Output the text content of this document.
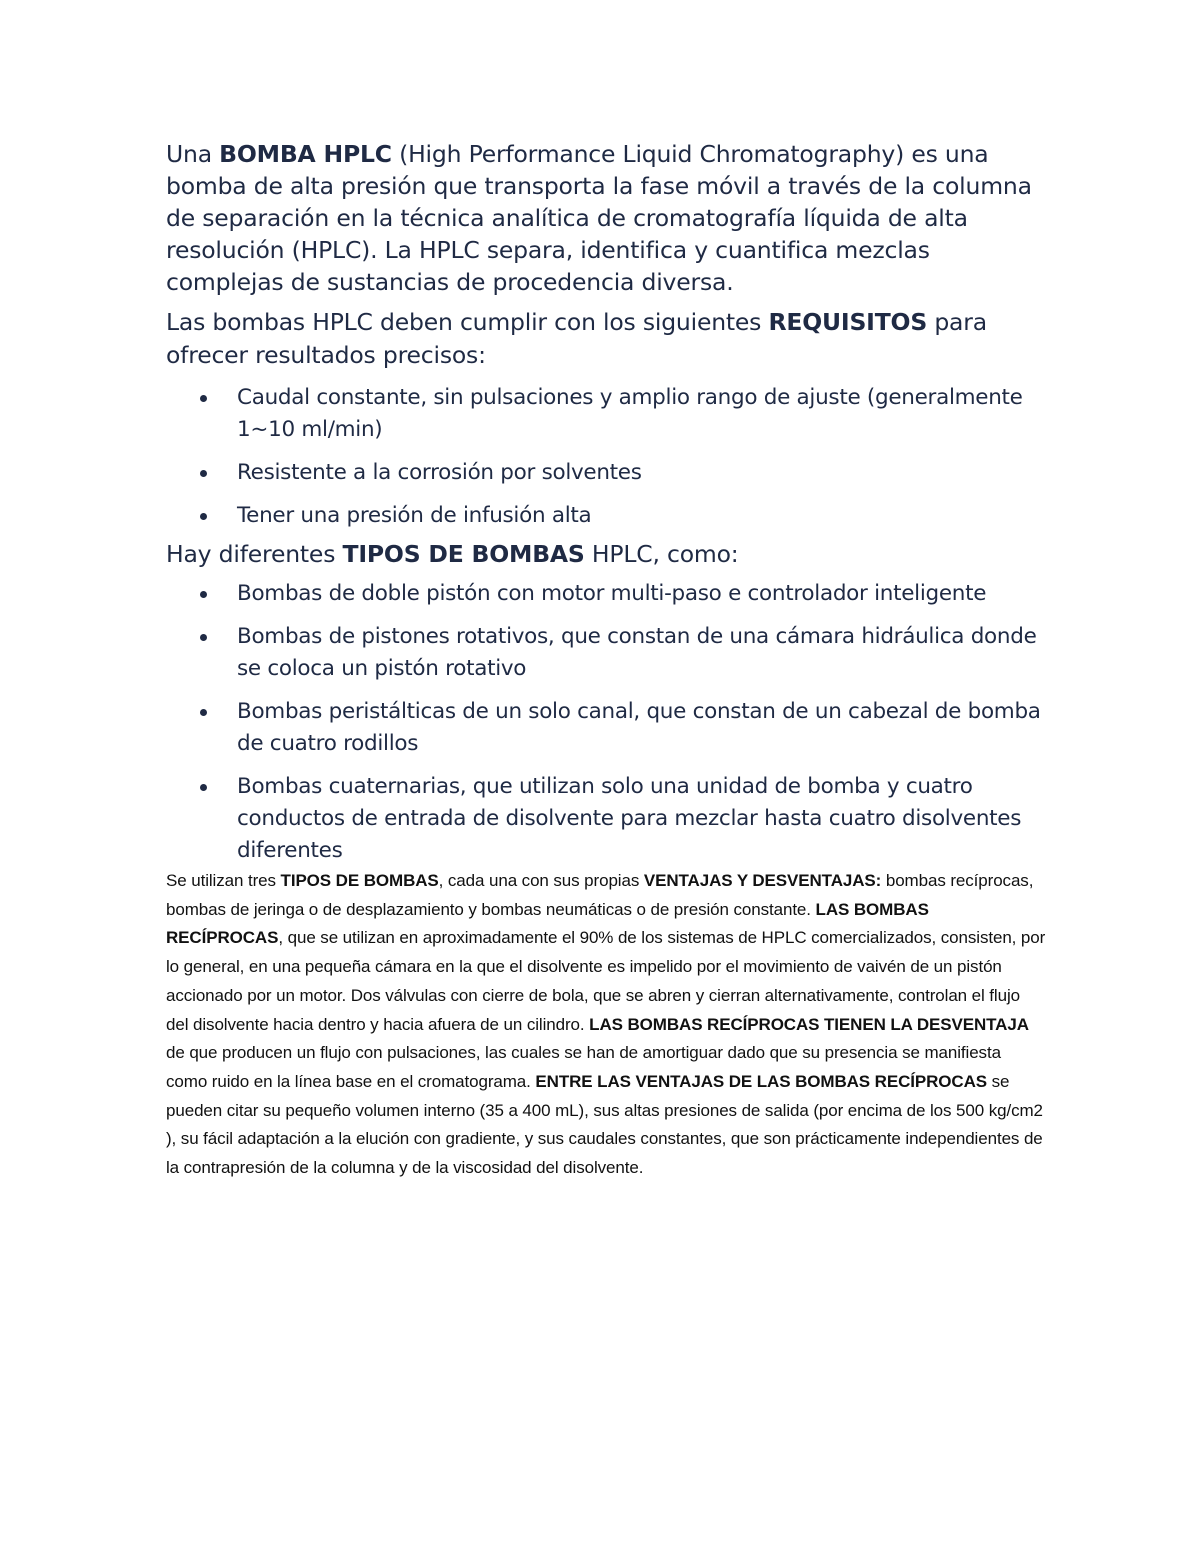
Una BOMBA HPLC (High Performance Liquid Chromatography) es una bomba de alta presión que transporta la fase móvil a través de la columna de separación en la técnica analítica de cromatografía líquida de alta resolución (HPLC). La HPLC separa, identifica y cuantifica mezclas complejas de sustancias de procedencia diversa.

Las bombas HPLC deben cumplir con los siguientes REQUISITOS para ofrecer resultados precisos:

Caudal constante, sin pulsaciones y amplio rango de ajuste (generalmente 1~10 ml/min)
Resistente a la corrosión por solventes
Tener una presión de infusión alta

Hay diferentes TIPOS DE BOMBAS HPLC, como:

Bombas de doble pistón con motor multi-paso e controlador inteligente
Bombas de pistones rotativos, que constan de una cámara hidráulica donde se coloca un pistón rotativo
Bombas peristálticas de un solo canal, que constan de un cabezal de bomba de cuatro rodillos
Bombas cuaternarias, que utilizan solo una unidad de bomba y cuatro conductos de entrada de disolvente para mezclar hasta cuatro disolventes diferentes

Se utilizan tres TIPOS DE BOMBAS, cada una con sus propias VENTAJAS Y DESVENTAJAS: bombas recíprocas, bombas de jeringa o de desplazamiento y bombas neumáticas o de presión constante. LAS BOMBAS RECÍPROCAS, que se utilizan en aproximadamente el 90% de los sistemas de HPLC comercializados, consisten, por lo general, en una pequeña cámara en la que el disolvente es impelido por el movimiento de vaivén de un pistón accionado por un motor. Dos válvulas con cierre de bola, que se abren y cierran alternativamente, controlan el flujo del disolvente hacia dentro y hacia afuera de un cilindro. LAS BOMBAS RECÍPROCAS TIENEN LA DESVENTAJA de que producen un flujo con pulsaciones, las cuales se han de amortiguar dado que su presencia se manifiesta como ruido en la línea base en el cromatograma. ENTRE LAS VENTAJAS DE LAS BOMBAS RECÍPROCAS se pueden citar su pequeño volumen interno (35 a 400 mL), sus altas presiones de salida (por encima de los 500 kg/cm2 ), su fácil adaptación a la elución con gradiente, y sus caudales constantes, que son prácticamente independientes de la contrapresión de la columna y de la viscosidad del disolvente.
